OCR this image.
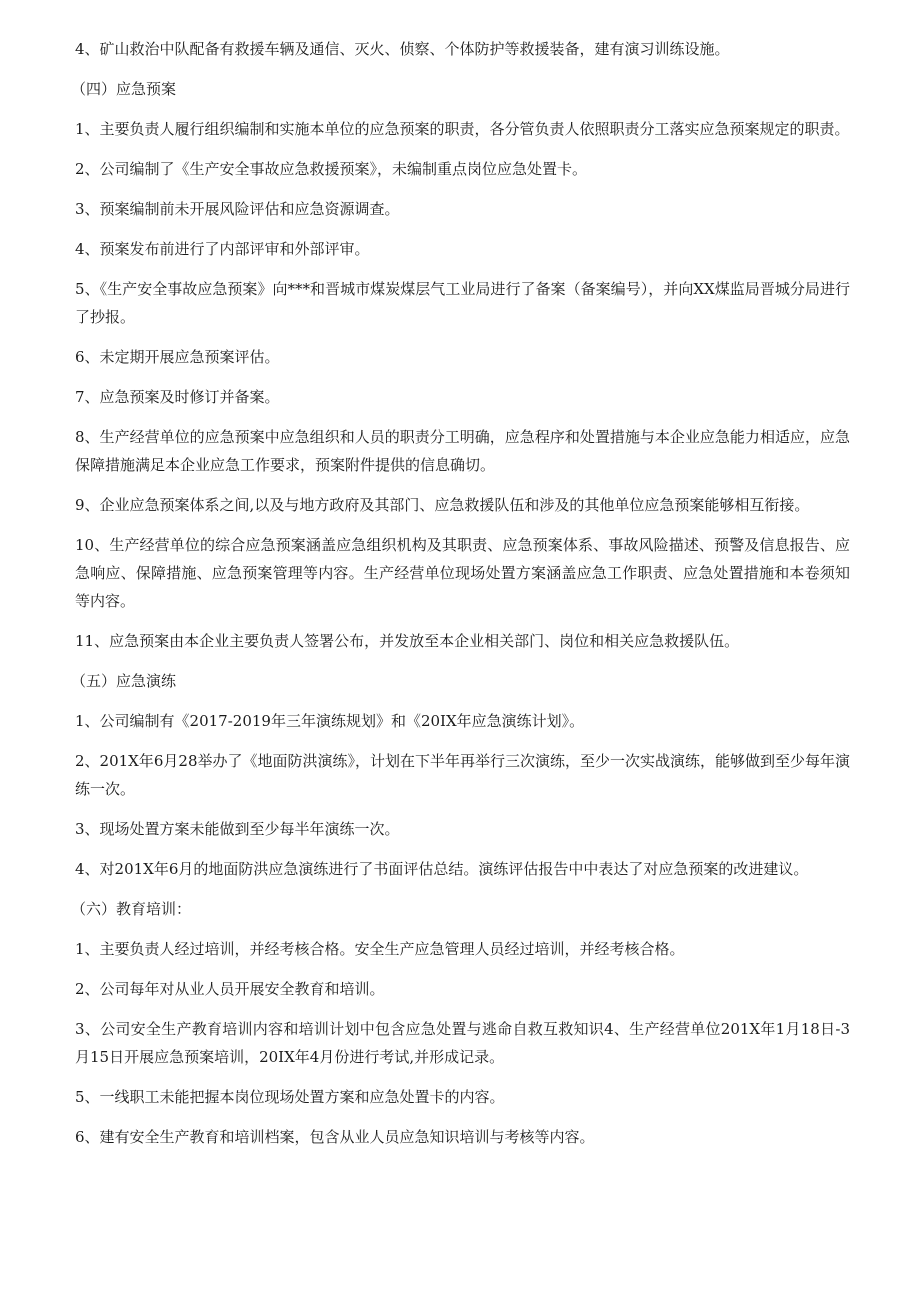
4、矿山救治中队配备有救援车辆及通信、灭火、侦察、个体防护等救援装备，建有演习训练设施。

（四）应急预案

1、主要负责人履行组织编制和实施本单位的应急预案的职责，各分管负责人依照职责分工落实应急预案规定的职责。

2、公司编制了《生产安全事故应急救援预案》，未编制重点岗位应急处置卡。

3、预案编制前未开展风险评估和应急资源调查。

4、预案发布前进行了内部评审和外部评审。

5、《生产安全事故应急预案》向***和晋城市煤炭煤层气工业局进行了备案（备案编号），并向XX煤监局晋城分局进行了抄报。

6、未定期开展应急预案评估。

7、应急预案及时修订并备案。

8、生产经营单位的应急预案中应急组织和人员的职责分工明确，应急程序和处置措施与本企业应急能力相适应，应急保障措施满足本企业应急工作要求，预案附件提供的信息确切。

9、企业应急预案体系之间,以及与地方政府及其部门、应急救援队伍和涉及的其他单位应急预案能够相互衔接。

10、生产经营单位的综合应急预案涵盖应急组织机构及其职责、应急预案体系、事故风险描述、预警及信息报告、应急响应、保障措施、应急预案管理等内容。生产经营单位现场处置方案涵盖应急工作职责、应急处置措施和本卷须知等内容。

11、应急预案由本企业主要负责人签署公布，并发放至本企业相关部门、岗位和相关应急救援队伍。

（五）应急演练

1、公司编制有《2017-2019年三年演练规划》和《20IX年应急演练计划》。

2、201X年6月28举办了《地面防洪演练》，计划在下半年再举行三次演练，至少一次实战演练，能够做到至少每年演练一次。

3、现场处置方案未能做到至少每半年演练一次。

4、对201X年6月的地面防洪应急演练进行了书面评估总结。演练评估报告中中表达了对应急预案的改进建议。

（六）教育培训：

1、主要负责人经过培训，并经考核合格。安全生产应急管理人员经过培训，并经考核合格。

2、公司每年对从业人员开展安全教育和培训。

3、公司安全生产教育培训内容和培训计划中包含应急处置与逃命自救互救知识4、生产经营单位201X年1月18日-3月15日开展应急预案培训，20IX年4月份进行考试,并形成记录。

5、一线职工未能把握本岗位现场处置方案和应急处置卡的内容。

6、建有安全生产教育和培训档案，包含从业人员应急知识培训与考核等内容。
